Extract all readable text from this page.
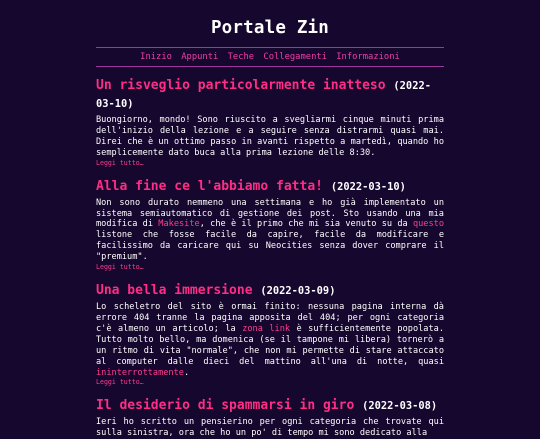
Portale Zin
Inizio Appunti Teche Collegamenti Informazioni
Un risveglio particolarmente inatteso (2022-03-10)

Buongiorno, mondo! Sono riuscito a svegliarmi cinque minuti prima dell'inizio della lezione e a seguire senza distrarmi quasi mai. Direi che è un ottimo passo in avanti rispetto a martedì, quando ho semplicemente dato buca alla prima lezione delle 8:30.

Leggi tutto…
Alla fine ce l'abbiamo fatta! (2022-03-10)

Non sono durato nemmeno una settimana e ho già implementato un sistema semiautomatico di gestione dei post. Sto usando una mia modifica di Makesite, che è il primo che mi sia venuto su da questo listone che fosse facile da capire, facile da modificare e facilissimo da caricare qui su Neocities senza dover comprare il "premium".

Leggi tutto…
Una bella immersione (2022-03-09)

Lo scheletro del sito è ormai finito: nessuna pagina interna dà errore 404 tranne la pagina apposita del 404; per ogni categoria c'è almeno un articolo; la zona link è sufficientemente popolata. Tutto molto bello, ma domenica (se il tampone mi libera) tornerò a un ritmo di vita "normale", che non mi permette di stare attaccato al computer dalle dieci del mattino all'una di notte, quasi ininterrottamente.

Leggi tutto…
Il desiderio di spammarsi in giro (2022-03-08)

Ieri ho scritto un pensierino per ogni categoria che trovate qui sulla sinistra, ora che ho un po' di tempo mi sono dedicato alla
